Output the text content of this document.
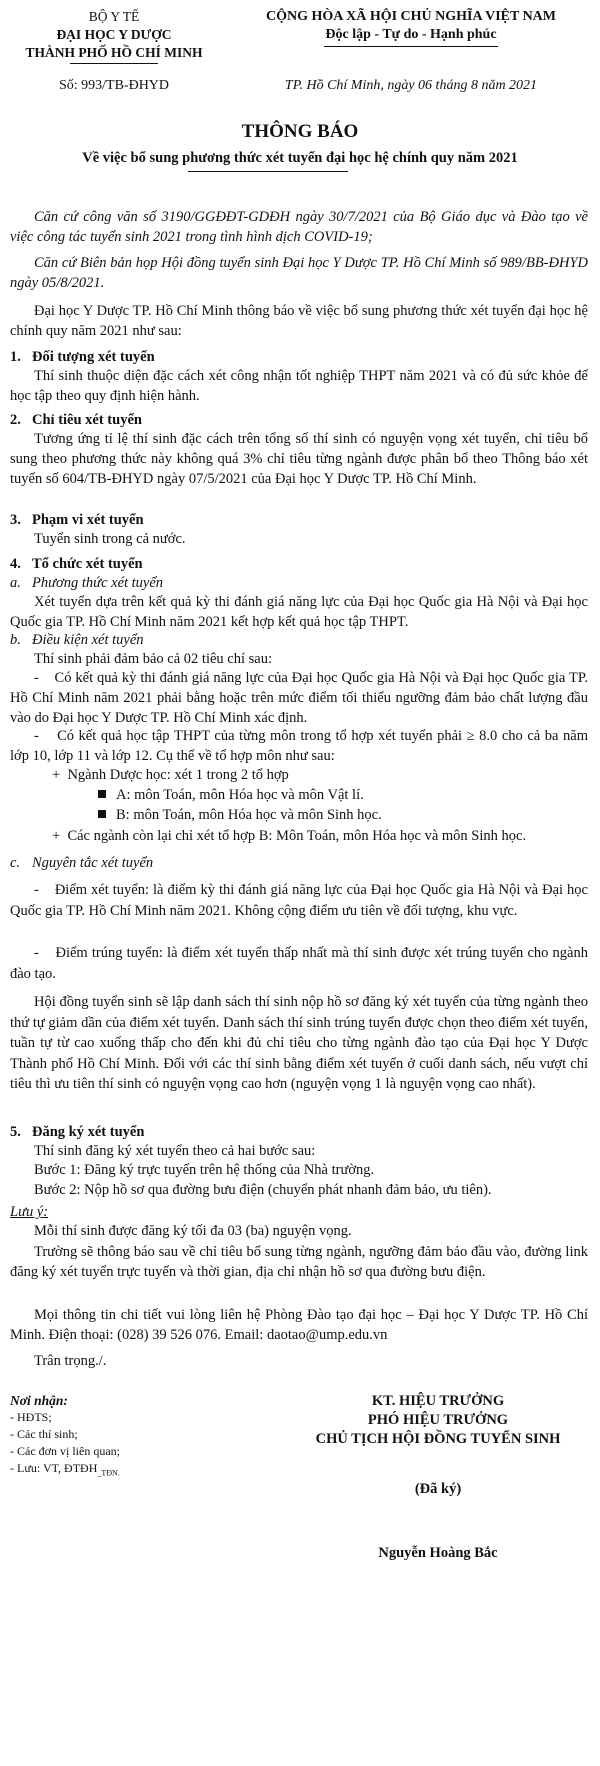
BỘ Y TẾ
ĐẠI HỌC Y DƯỢC
THÀNH PHỐ HỒ CHÍ MINH
Số: 993/TB-ĐHYD
CỘNG HÒA XÃ HỘI CHỦ NGHĨA VIỆT NAM
Độc lập - Tự do - Hạnh phúc
TP. Hồ Chí Minh, ngày 06 tháng 8 năm 2021
THÔNG BÁO
Về việc bổ sung phương thức xét tuyển đại học hệ chính quy năm 2021
Căn cứ công văn số 3190/GGĐĐT-GDĐH ngày 30/7/2021 của Bộ Giáo dục và Đào tạo về việc công tác tuyển sinh 2021 trong tình hình dịch COVID-19;
Căn cứ Biên bản họp Hội đồng tuyển sinh Đại học Y Dược TP. Hồ Chí Minh số 989/BB-ĐHYD ngày 05/8/2021.
Đại học Y Dược TP. Hồ Chí Minh thông báo về việc bổ sung phương thức xét tuyển đại học hệ chính quy năm 2021 như sau:
1. Đối tượng xét tuyển
Thí sinh thuộc diện đặc cách xét công nhận tốt nghiệp THPT năm 2021 và có đủ sức khỏe để học tập theo quy định hiện hành.
2. Chỉ tiêu xét tuyển
Tương ứng tỉ lệ thí sinh đặc cách trên tổng số thí sinh có nguyện vọng xét tuyển, chỉ tiêu bổ sung theo phương thức này không quá 3% chỉ tiêu từng ngành được phân bổ theo Thông báo xét tuyển số 604/TB-ĐHYD ngày 07/5/2021 của Đại học Y Dược TP. Hồ Chí Minh.
3. Phạm vi xét tuyển
Tuyển sinh trong cả nước.
4. Tổ chức xét tuyển
a. Phương thức xét tuyển
Xét tuyển dựa trên kết quả kỳ thi đánh giá năng lực của Đại học Quốc gia Hà Nội và Đại học Quốc gia TP. Hồ Chí Minh năm 2021 kết hợp kết quả học tập THPT.
b. Điều kiện xét tuyển
Thí sinh phải đảm bảo cả 02 tiêu chí sau:
-    Có kết quả kỳ thi đánh giá năng lực của Đại học Quốc gia Hà Nội và Đại học Quốc gia TP. Hồ Chí Minh năm 2021 phải bằng hoặc trên mức điểm tối thiểu ngưỡng đảm bảo chất lượng đầu vào do Đại học Y Dược TP. Hồ Chí Minh xác định.
-    Có kết quả học tập THPT của từng môn trong tổ hợp xét tuyển phải ≥ 8.0 cho cả ba năm lớp 10, lớp 11 và lớp 12. Cụ thể về tổ hợp môn như sau:
+  Ngành Dược học: xét 1 trong 2 tổ hợp
A: môn Toán, môn Hóa học và môn Vật lí.
B: môn Toán, môn Hóa học và môn Sinh học.
+  Các ngành còn lại chỉ xét tổ hợp B: Môn Toán, môn Hóa học và môn Sinh học.
c. Nguyên tắc xét tuyển
-    Điểm xét tuyển: là điểm kỳ thi đánh giá năng lực của Đại học Quốc gia Hà Nội và Đại học Quốc gia TP. Hồ Chí Minh năm 2021. Không cộng điểm ưu tiên về đối tượng, khu vực.
-    Điểm trúng tuyển: là điểm xét tuyển thấp nhất mà thí sinh được xét trúng tuyển cho ngành đào tạo.
Hội đồng tuyển sinh sẽ lập danh sách thí sinh nộp hồ sơ đăng ký xét tuyển của từng ngành theo thứ tự giảm dần của điểm xét tuyển. Danh sách thí sinh trúng tuyển được chọn theo điểm xét tuyển, tuần tự từ cao xuống thấp cho đến khi đủ chỉ tiêu cho từng ngành đào tạo của Đại học Y Dược Thành phố Hồ Chí Minh. Đối với các thí sinh bằng điểm xét tuyển ở cuối danh sách, nếu vượt chỉ tiêu thì ưu tiên thí sinh có nguyện vọng cao hơn (nguyện vọng 1 là nguyện vọng cao nhất).
5. Đăng ký xét tuyển
Thí sinh đăng ký xét tuyển theo cả hai bước sau:
Bước 1: Đăng ký trực tuyến trên hệ thống của Nhà trường.
Bước 2: Nộp hồ sơ qua đường bưu điện (chuyển phát nhanh đảm bảo, ưu tiên).
Lưu ý:
Mỗi thí sinh được đăng ký tối đa 03 (ba) nguyện vọng.
Trường sẽ thông báo sau về chỉ tiêu bổ sung từng ngành, ngưỡng đảm bảo đầu vào, đường link đăng ký xét tuyển trực tuyến và thời gian, địa chỉ nhận hồ sơ qua đường bưu điện.
Mọi thông tin chi tiết vui lòng liên hệ Phòng Đào tạo đại học – Đại học Y Dược TP. Hồ Chí Minh. Điện thoại: (028) 39 526 076. Email: daotao@ump.edu.vn
Trân trọng./.
Nơi nhận:
- HĐTS;
- Các thí sinh;
- Các đơn vị liên quan;
- Lưu: VT, $ĐTĐH_{\_TĐN.}$
KT. HIỆU TRƯỞNG
PHÓ HIỆU TRƯỞNG
CHỦ TỊCH HỘI ĐỒNG TUYỂN SINH
(Đã ký)
Nguyễn Hoàng Bắc
